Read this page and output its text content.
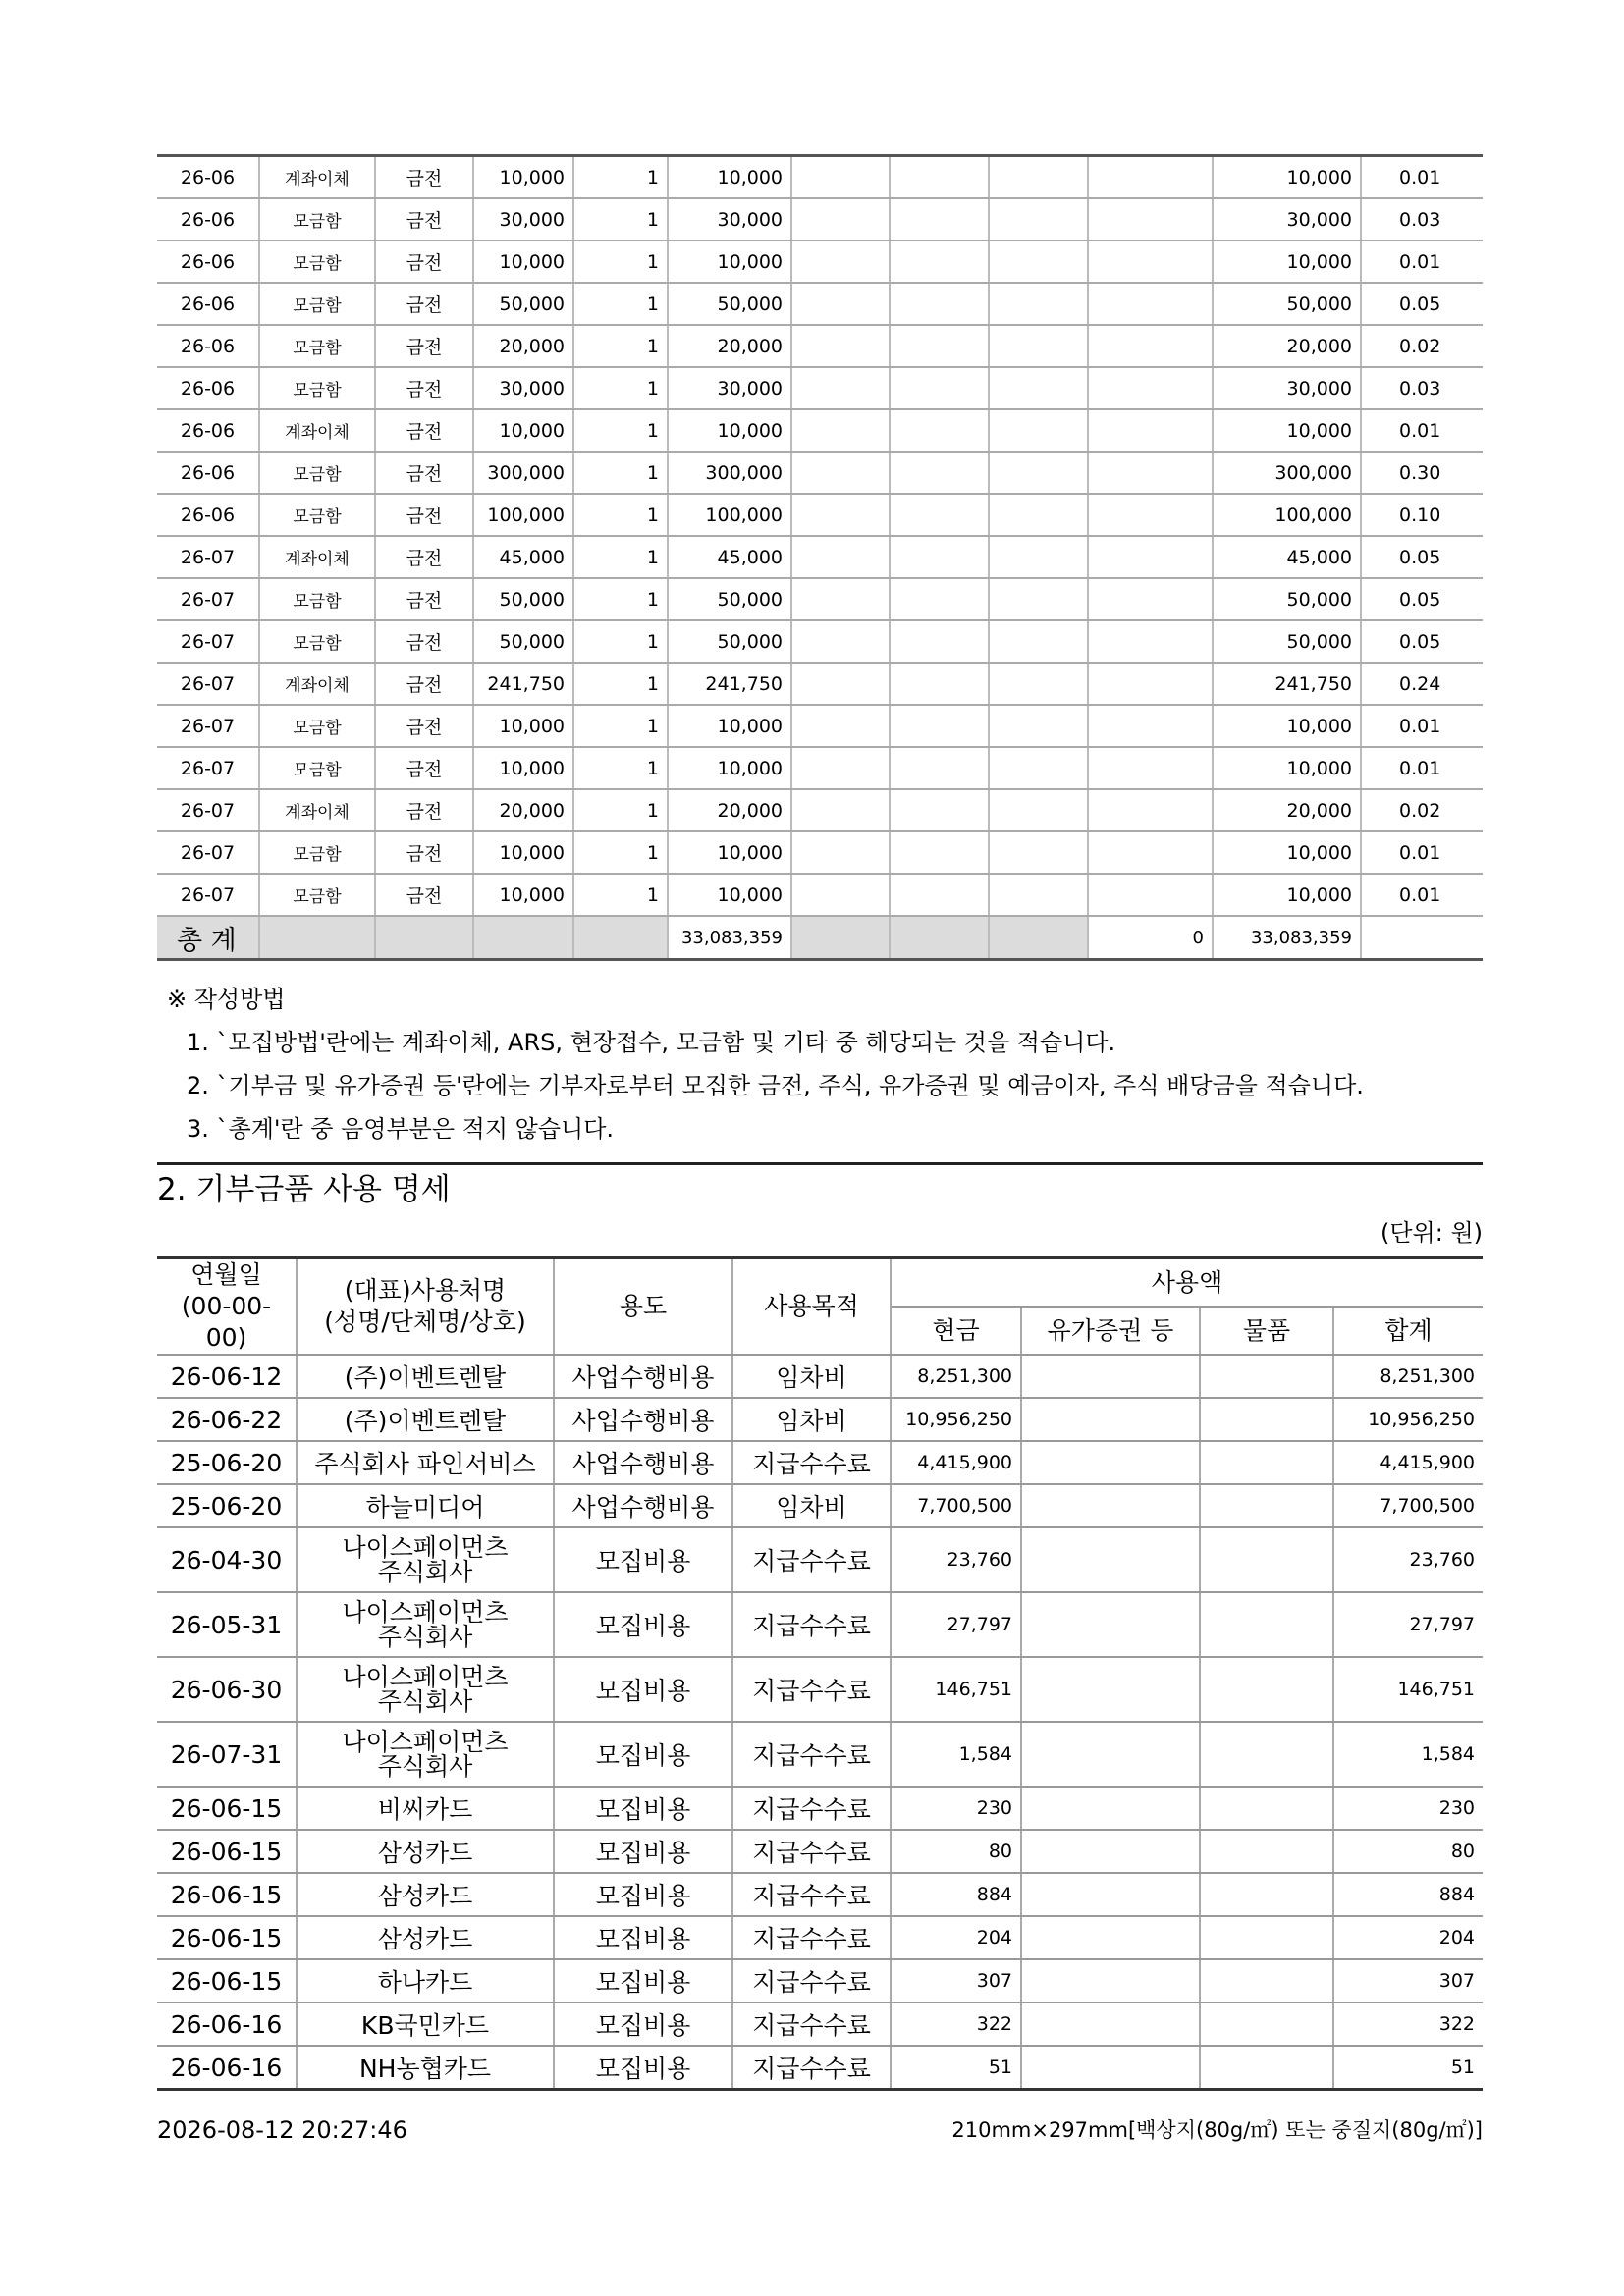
26-06	계좌이체	금전	10,000	1	10,000					10,000	0.01
26-06	모금함	금전	30,000	1	30,000					30,000	0.03
26-06	모금함	금전	10,000	1	10,000					10,000	0.01
26-06	모금함	금전	50,000	1	50,000					50,000	0.05
26-06	모금함	금전	20,000	1	20,000					20,000	0.02
26-06	모금함	금전	30,000	1	30,000					30,000	0.03
26-06	계좌이체	금전	10,000	1	10,000					10,000	0.01
26-06	모금함	금전	300,000	1	300,000					300,000	0.30
26-06	모금함	금전	100,000	1	100,000					100,000	0.10
26-07	계좌이체	금전	45,000	1	45,000					45,000	0.05
26-07	모금함	금전	50,000	1	50,000					50,000	0.05
26-07	모금함	금전	50,000	1	50,000					50,000	0.05
26-07	계좌이체	금전	241,750	1	241,750					241,750	0.24
26-07	모금함	금전	10,000	1	10,000					10,000	0.01
26-07	모금함	금전	10,000	1	10,000					10,000	0.01
26-07	계좌이체	금전	20,000	1	20,000					20,000	0.02
26-07	모금함	금전	10,000	1	10,000					10,000	0.01
26-07	모금함	금전	10,000	1	10,000					10,000	0.01
총 계					33,083,359				0	33,083,359	
※ 작성방법
1. `모집방법'란에는 계좌이체, ARS, 현장접수, 모금함 및 기타 중 해당되는 것을 적습니다.
2. `기부금 및 유가증권 등'란에는 기부자로부터 모집한 금전, 주식, 유가증권 및 예금이자, 주식 배당금을 적습니다.
3. `총계'란 중 음영부분은 적지 않습니다.
2. 기부금품 사용 명세
(단위: 원)
연월일
(00-00-00)	(대표)사용처명
(성명/단체명/상호)	용도	사용목적	사용액			
				현금	유가증권 등	물품	합계
26-06-12	(주)이벤트렌탈	사업수행비용	임차비	8,251,300			8,251,300
26-06-22	(주)이벤트렌탈	사업수행비용	임차비	10,956,250			10,956,250
25-06-20	주식회사 파인서비스	사업수행비용	지급수수료	4,415,900			4,415,900
25-06-20	하늘미디어	사업수행비용	임차비	7,700,500			7,700,500
26-04-30	나이스페이먼츠
주식회사	모집비용	지급수수료	23,760			23,760
26-05-31	나이스페이먼츠
주식회사	모집비용	지급수수료	27,797			27,797
26-06-30	나이스페이먼츠
주식회사	모집비용	지급수수료	146,751			146,751
26-07-31	나이스페이먼츠
주식회사	모집비용	지급수수료	1,584			1,584
26-06-15	비씨카드	모집비용	지급수수료	230			230
26-06-15	삼성카드	모집비용	지급수수료	80			80
26-06-15	삼성카드	모집비용	지급수수료	884			884
26-06-15	삼성카드	모집비용	지급수수료	204			204
26-06-15	하나카드	모집비용	지급수수료	307			307
26-06-16	KB국민카드	모집비용	지급수수료	322			322
26-06-16	NH농협카드	모집비용	지급수수료	51			51
2026-08-12 20:27:46	210mm×297mm[백상지(80g/㎡) 또는 중질지(80g/㎡)]
